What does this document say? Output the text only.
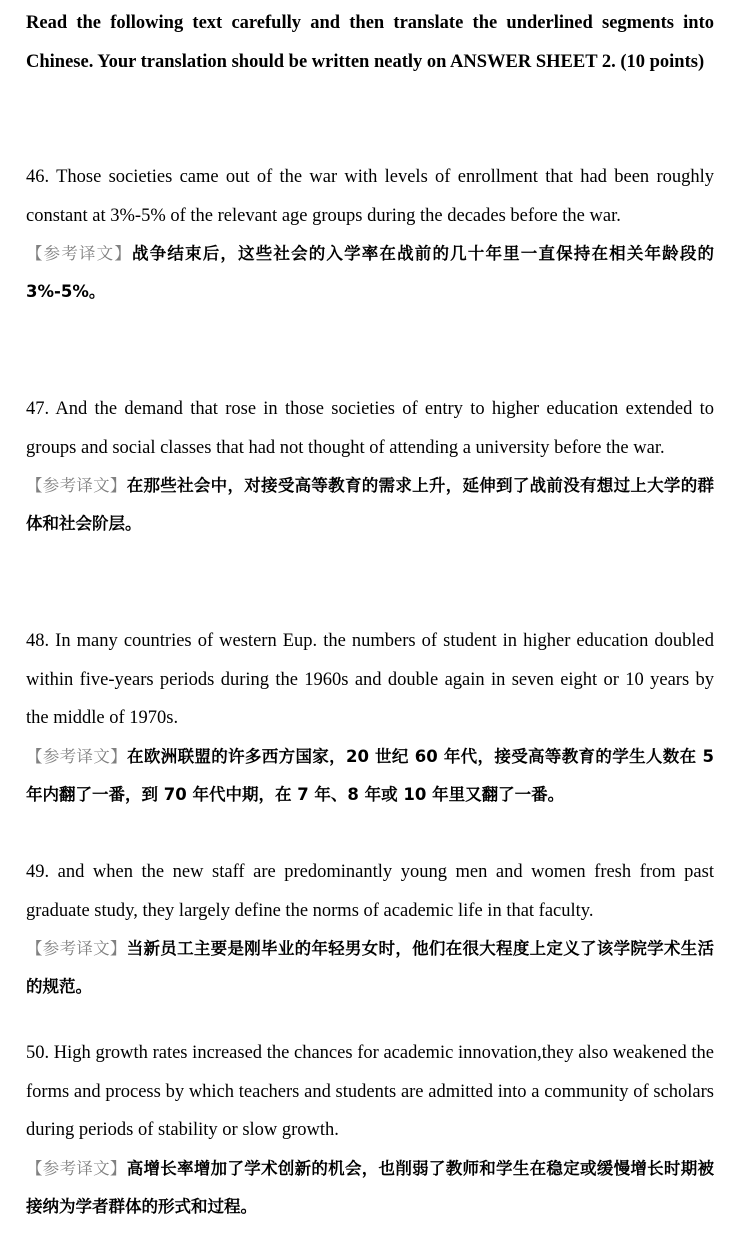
Read the following text carefully and then translate the underlined segments into Chinese. Your translation should be written neatly on ANSWER SHEET 2. (10 points)

46. Those societies came out of the war with levels of enrollment that had been roughly constant at 3%-5% of the relevant age groups during the decades before the war.

【参考译文】战争结束后，这些社会的入学率在战前的几十年里一直保持在相关年龄段的 3%-5%。

47. And the demand that rose in those societies of entry to higher education extended to groups and social classes that had not thought of attending a university before the war.

【参考译文】在那些社会中，对接受高等教育的需求上升，延伸到了战前没有想过上大学的群体和社会阶层。

48. In many countries of western Eup. the numbers of student in higher education doubled within five-years periods during the 1960s and double again in seven eight or 10 years by the middle of 1970s.

【参考译文】在欧洲联盟的许多西方国家，20 世纪 60 年代，接受高等教育的学生人数在 5 年内翻了一番，到 70 年代中期，在 7 年、8 年或 10 年里又翻了一番。

49. and when the new staff are predominantly young men and women fresh from past graduate study, they largely define the norms of academic life in that faculty.

【参考译文】当新员工主要是刚毕业的年轻男女时，他们在很大程度上定义了该学院学术生活的规范。

50. High growth rates increased the chances for academic innovation,they also weakened the forms and process by which teachers and students are admitted into a community of scholars during periods of stability or slow growth.

【参考译文】高增长率增加了学术创新的机会，也削弱了教师和学生在稳定或缓慢增长时期被接纳为学者群体的形式和过程。
